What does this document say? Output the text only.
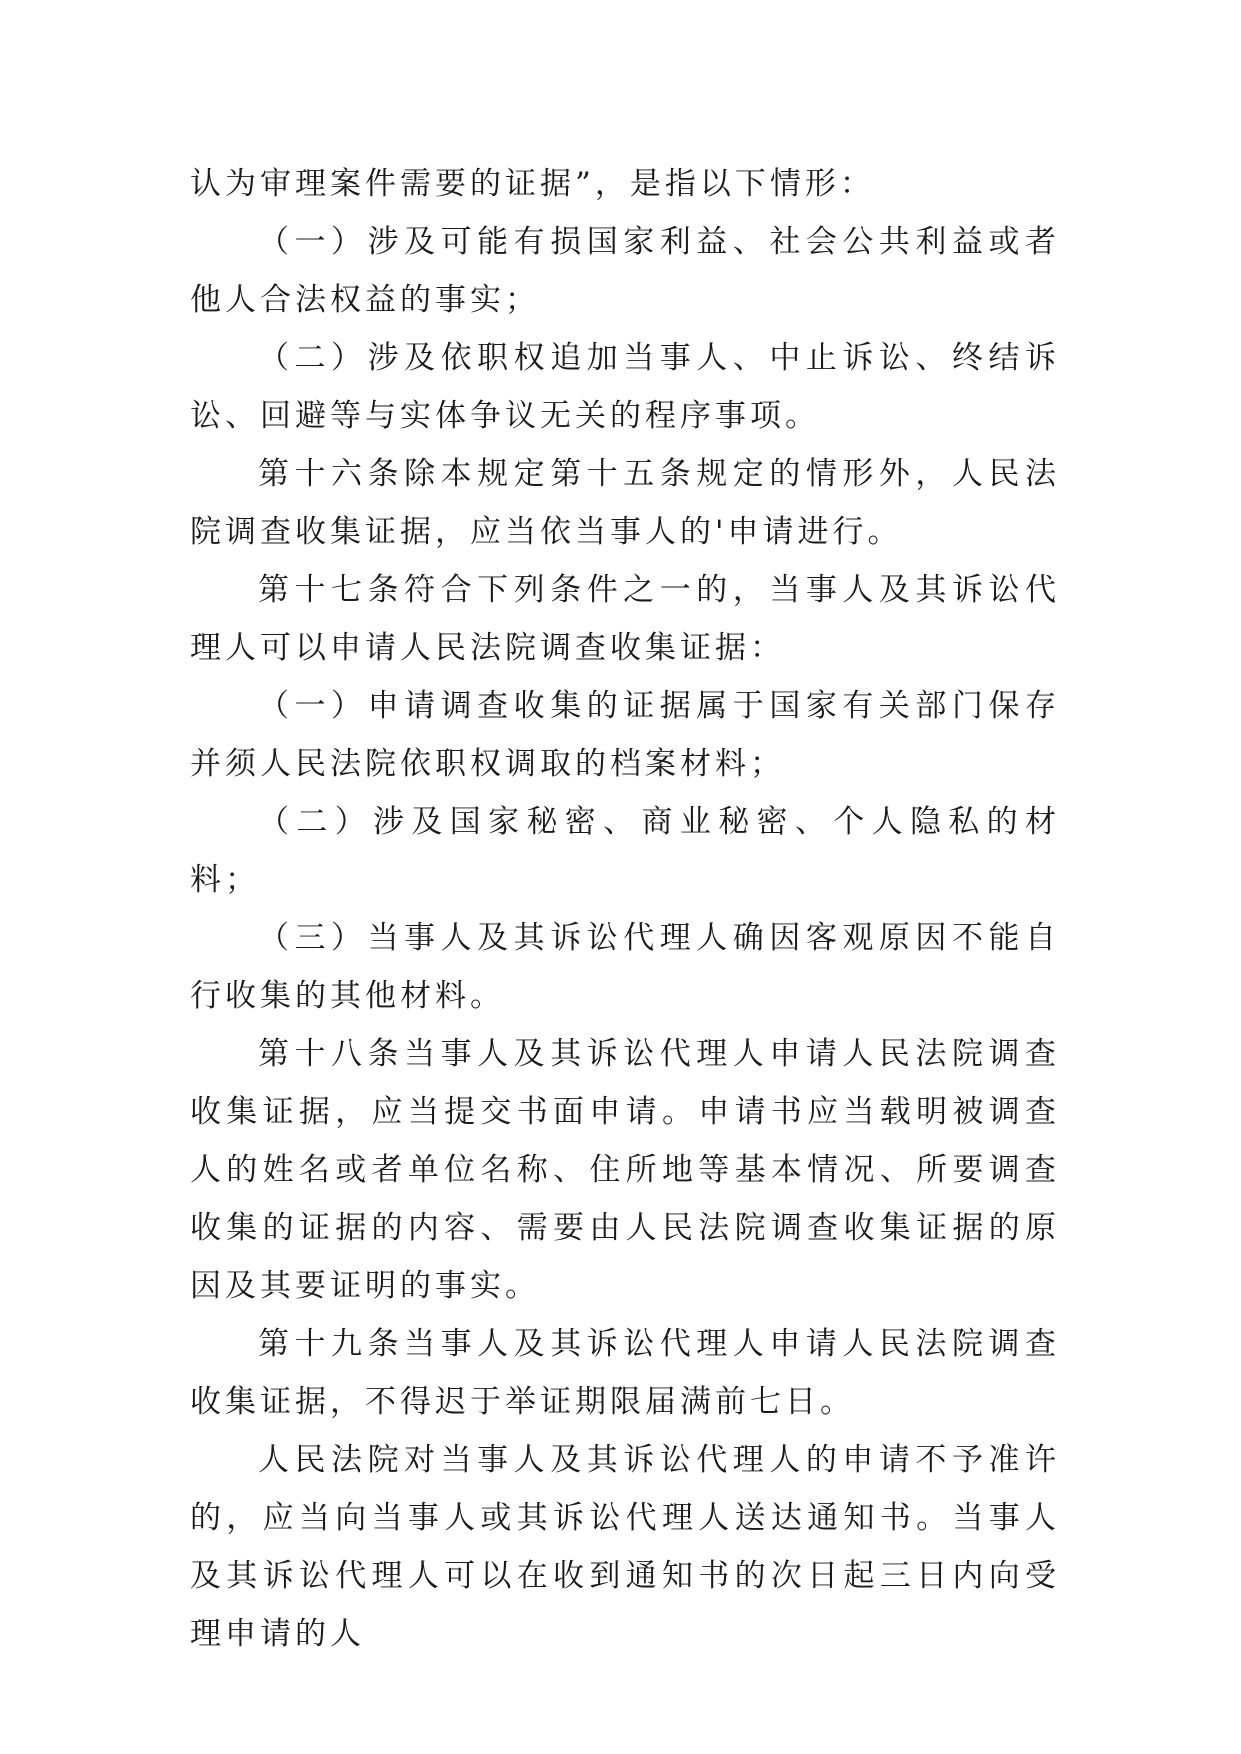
认为审理案件需要的证据”，是指以下情形：

（一）涉及可能有损国家利益、社会公共利益或者他人合法权益的事实；

（二）涉及依职权追加当事人、中止诉讼、终结诉讼、回避等与实体争议无关的程序事项。

第十六条除本规定第十五条规定的情形外，人民法院调查收集证据，应当依当事人的'申请进行。

第十七条符合下列条件之一的，当事人及其诉讼代理人可以申请人民法院调查收集证据：

（一）申请调查收集的证据属于国家有关部门保存并须人民法院依职权调取的档案材料；

（二）涉及国家秘密、商业秘密、个人隐私的材料；

（三）当事人及其诉讼代理人确因客观原因不能自行收集的其他材料。

第十八条当事人及其诉讼代理人申请人民法院调查收集证据，应当提交书面申请。申请书应当载明被调查人的姓名或者单位名称、住所地等基本情况、所要调查收集的证据的内容、需要由人民法院调查收集证据的原因及其要证明的事实。

第十九条当事人及其诉讼代理人申请人民法院调查收集证据，不得迟于举证期限届满前七日。

人民法院对当事人及其诉讼代理人的申请不予准许的，应当向当事人或其诉讼代理人送达通知书。当事人及其诉讼代理人可以在收到通知书的次日起三日内向受理申请的人
